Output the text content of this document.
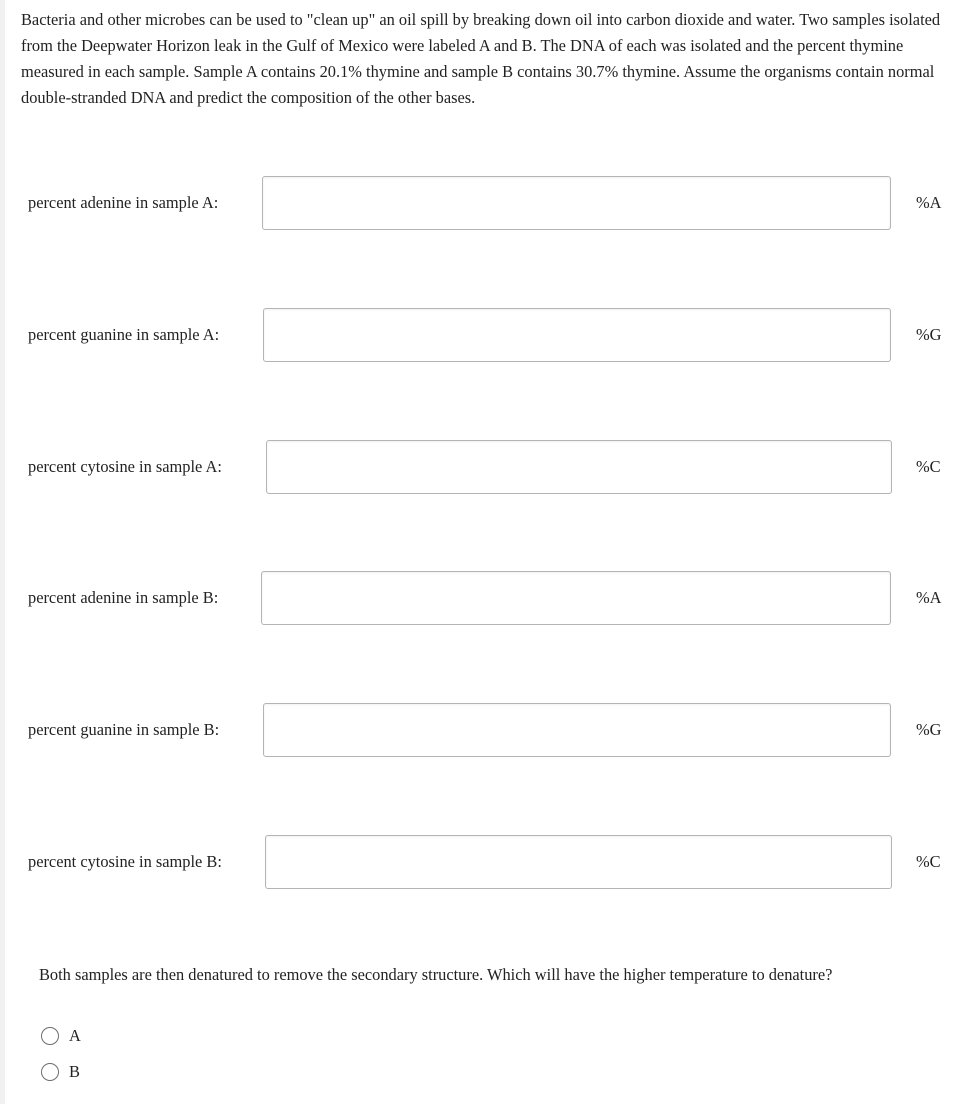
Bacteria and other microbes can be used to "clean up" an oil spill by breaking down oil into carbon dioxide and water. Two samples isolated from the Deepwater Horizon leak in the Gulf of Mexico were labeled A and B. The DNA of each was isolated and the percent thymine measured in each sample. Sample A contains 20.1% thymine and sample B contains 30.7% thymine. Assume the organisms contain normal double-stranded DNA and predict the composition of the other bases.

percent adenine in sample A:	%A
percent guanine in sample A:	%G
percent cytosine in sample A:	%C
percent adenine in sample B:	%A
percent guanine in sample B:	%G
percent cytosine in sample B:	%C
Both samples are then denatured to remove the secondary structure. Which will have the higher temperature to denature?
A
B
